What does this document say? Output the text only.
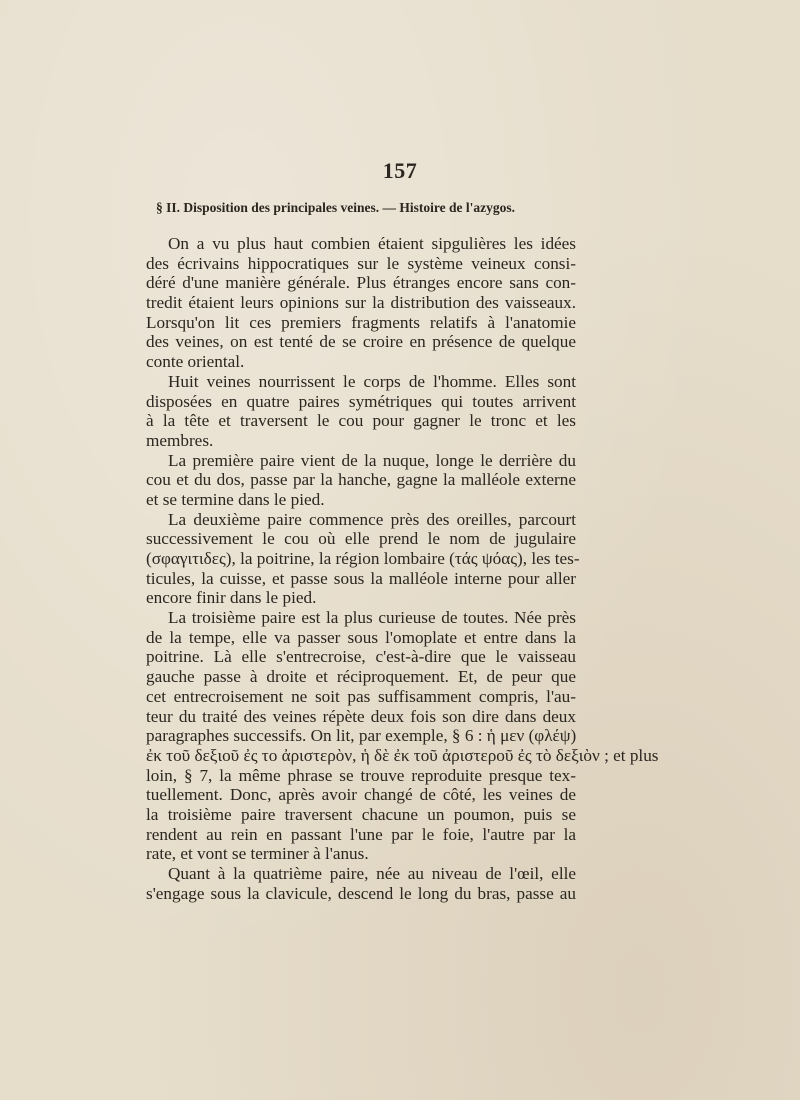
157
§ II. Disposition des principales veines. — Histoire de l'azygos.
On a vu plus haut combien étaient sipgulières les idées
des écrivains hippocratiques sur le système veineux consi-
déré d'une manière générale. Plus étranges encore sans con-
tredit étaient leurs opinions sur la distribution des vaisseaux.
Lorsqu'on lit ces premiers fragments relatifs à l'anatomie
des veines, on est tenté de se croire en présence de quelque
conte oriental.
Huit veines nourrissent le corps de l'homme. Elles sont
disposées en quatre paires symétriques qui toutes arrivent
à la tête et traversent le cou pour gagner le tronc et les
membres.
La première paire vient de la nuque, longe le derrière du
cou et du dos, passe par la hanche, gagne la malléole externe
et se termine dans le pied.
La deuxième paire commence près des oreilles, parcourt
successivement le cou où elle prend le nom de jugulaire
(σφαγιτιδες), la poitrine, la région lombaire (τάς ψόας), les tes-
ticules, la cuisse, et passe sous la malléole interne pour aller
encore finir dans le pied.
La troisième paire est la plus curieuse de toutes. Née près
de la tempe, elle va passer sous l'omoplate et entre dans la
poitrine. Là elle s'entrecroise, c'est-à-dire que le vaisseau
gauche passe à droite et réciproquement. Et, de peur que
cet entrecroisement ne soit pas suffisamment compris, l'au-
teur du traité des veines répète deux fois son dire dans deux
paragraphes successifs. On lit, par exemple, § 6 : ἡ μεν (φλέψ)
ἐκ τοῦ δεξιοῦ ἐς το ἀριστερὸν, ἡ δὲ ἐκ τοῦ ἀριστεροῦ ἐς τὸ δεξιὸν ; et plus
loin, § 7, la même phrase se trouve reproduite presque tex-
tuellement. Donc, après avoir changé de côté, les veines de
la troisième paire traversent chacune un poumon, puis se
rendent au rein en passant l'une par le foie, l'autre par la
rate, et vont se terminer à l'anus.
Quant à la quatrième paire, née au niveau de l'œil, elle
s'engage sous la clavicule, descend le long du bras, passe au
